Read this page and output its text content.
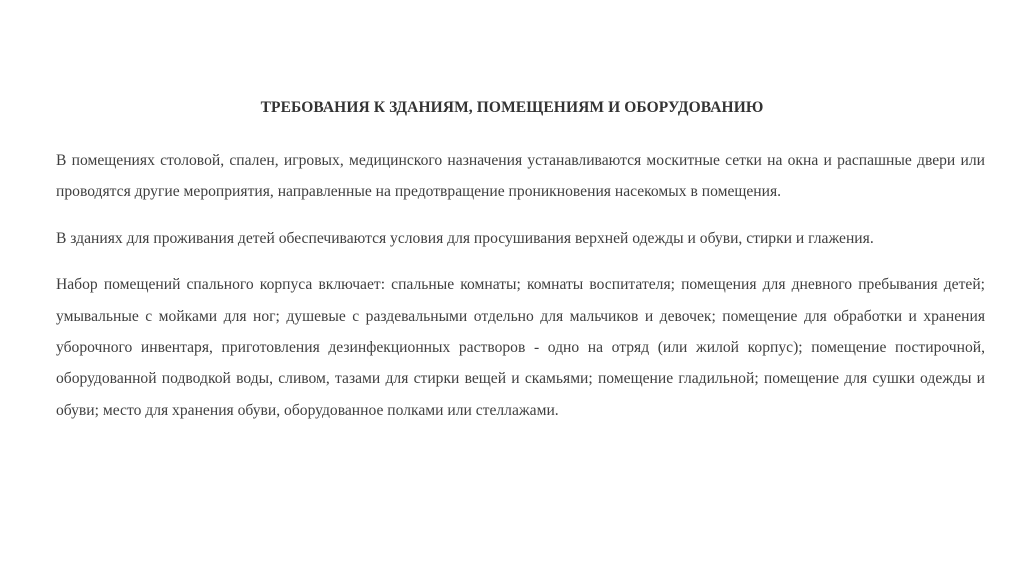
ТРЕБОВАНИЯ К ЗДАНИЯМ, ПОМЕЩЕНИЯМ И ОБОРУДОВАНИЮ

В помещениях столовой, спален, игровых, медицинского назначения устанавливаются москитные сетки на окна и распашные двери или проводятся другие мероприятия, направленные на предотвращение проникновения насекомых в помещения.

В зданиях для проживания детей обеспечиваются условия для просушивания верхней одежды и обуви, стирки и глажения.

Набор помещений спального корпуса включает: спальные комнаты; комнаты воспитателя; помещения для дневного пребывания детей; умывальные с мойками для ног; душевые с раздевальными отдельно для мальчиков и девочек; помещение для обработки и хранения уборочного инвентаря, приготовления дезинфекционных растворов - одно на отряд (или жилой корпус); помещение постирочной, оборудованной подводкой воды, сливом, тазами для стирки вещей и скамьями; помещение гладильной; помещение для сушки одежды и обуви; место для хранения обуви, оборудованное полками или стеллажами.
